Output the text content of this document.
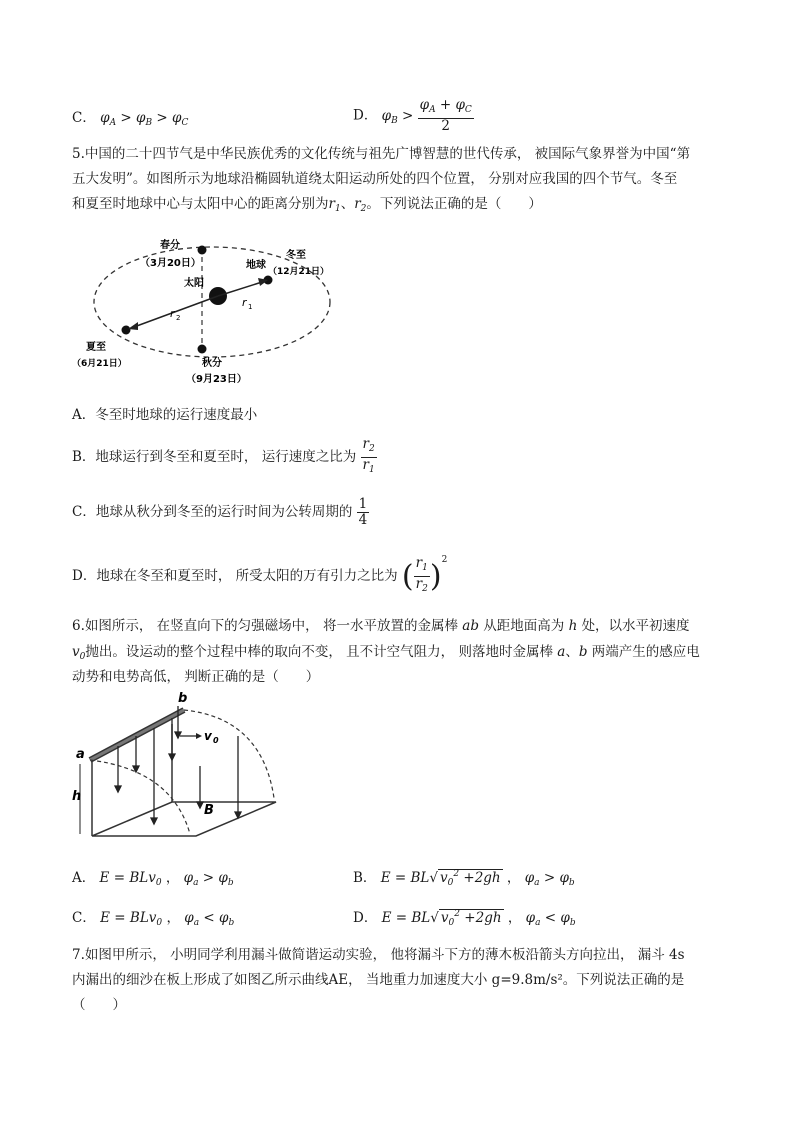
C． $\varphi_A > \varphi_B > \varphi_C$	D． $\varphi_B > \frac{\varphi_A + \varphi_C}{2}$
5.中国的二十四节气是中华民族优秀的文化传统与祖先广博智慧的世代传承， 被国际气象界誉为中国“第
五大发明”。如图所示为地球沿椭圆轨道绕太阳运动所处的四个位置， 分别对应我国的四个节气。冬至
和夏至时地球中心与太阳中心的距离分别为$r_1$、$r_2$。下列说法正确的是（　　）
r 2
r 1
春分
（3月20日）
太阳
地球
冬至
（12月21日）
夏至
（6月21日）	秋分
（9月23日）
A．冬至时地球的运行速度最小
B．地球运行到冬至和夏至时， 运行速度之比为 $\frac{r_2}{r_1}$
C．地球从秋分到冬至的运行时间为公转周期的 $\frac{1}{4}$
D．地球在冬至和夏至时， 所受太阳的万有引力之比为 ( $\frac{r_1}{r_2} )^2$
6.如图所示， 在竖直向下的匀强磁场中， 将一水平放置的金属棒 ab 从距地面高为 h 处，以水平初速度
$v_0$抛出。设运动的整个过程中棒的取向不变， 且不计空气阻力， 则落地时金属棒 a、b 两端产生的感应电
动势和电势高低， 判断正确的是（　　）
a
b
h
v 0
B
A． E = BLv$_0$ ， $\varphi_a > \varphi_b$	B． E = BL√ $v_0^2 +2gh$ ， $\varphi_a > \varphi_b$
C． E = BLv$_0$ ， $\varphi_a < \varphi_b$	D． E = BL√ $v_0^2 +2gh$ ， $\varphi_a < \varphi_b$
7.如图甲所示， 小明同学利用漏斗做简谐运动实验， 他将漏斗下方的薄木板沿箭头方向拉出， 漏斗 4s
内漏出的细沙在板上形成了如图乙所示曲线AE， 当地重力加速度大小 g=9.8m/s²。下列说法正确的是
（　　）
